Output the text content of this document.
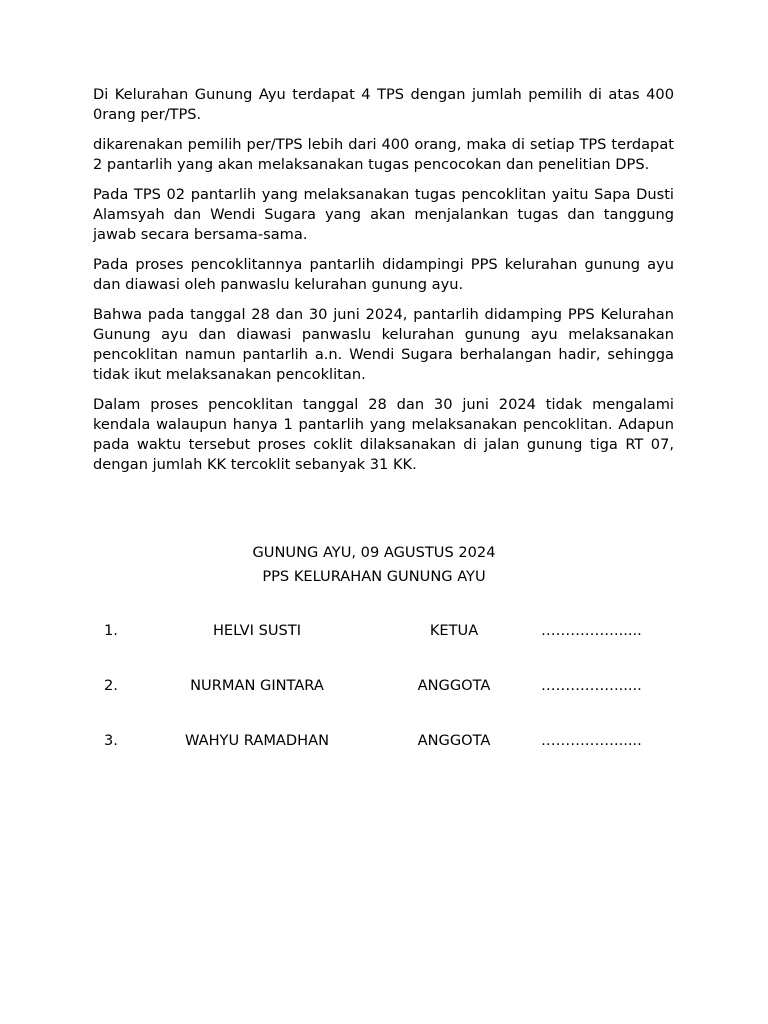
Di Kelurahan Gunung Ayu terdapat 4 TPS dengan jumlah pemilih di atas 400 0rang per/TPS.

dikarenakan pemilih per/TPS lebih dari 400 orang, maka di setiap TPS terdapat 2 pantarlih yang akan melaksanakan tugas pencocokan dan penelitian DPS.

Pada TPS 02 pantarlih yang melaksanakan tugas pencoklitan yaitu Sapa Dusti Alamsyah dan Wendi Sugara yang akan menjalankan tugas dan tanggung jawab secara bersama-sama.

Pada proses pencoklitannya pantarlih didampingi PPS kelurahan gunung ayu dan diawasi oleh panwaslu kelurahan gunung ayu.

Bahwa pada tanggal 28 dan 30 juni 2024, pantarlih didamping PPS Kelurahan Gunung ayu dan diawasi panwaslu kelurahan gunung ayu melaksanakan pencoklitan namun pantarlih a.n. Wendi Sugara berhalangan hadir, sehingga tidak ikut melaksanakan pencoklitan.

Dalam proses pencoklitan tanggal 28 dan 30 juni 2024 tidak mengalami kendala walaupun hanya 1 pantarlih yang melaksanakan pencoklitan. Adapun pada waktu tersebut proses coklit dilaksanakan di jalan gunung tiga RT 07, dengan jumlah KK tercoklit sebanyak 31 KK.

GUNUNG AYU, 09 AGUSTUS 2024
PPS KELURAHAN GUNUNG AYU
1.	HELVI SUSTI	KETUA	……………......
2.	NURMAN GINTARA	ANGGOTA	……………......
3.	WAHYU RAMADHAN	ANGGOTA	……………......
